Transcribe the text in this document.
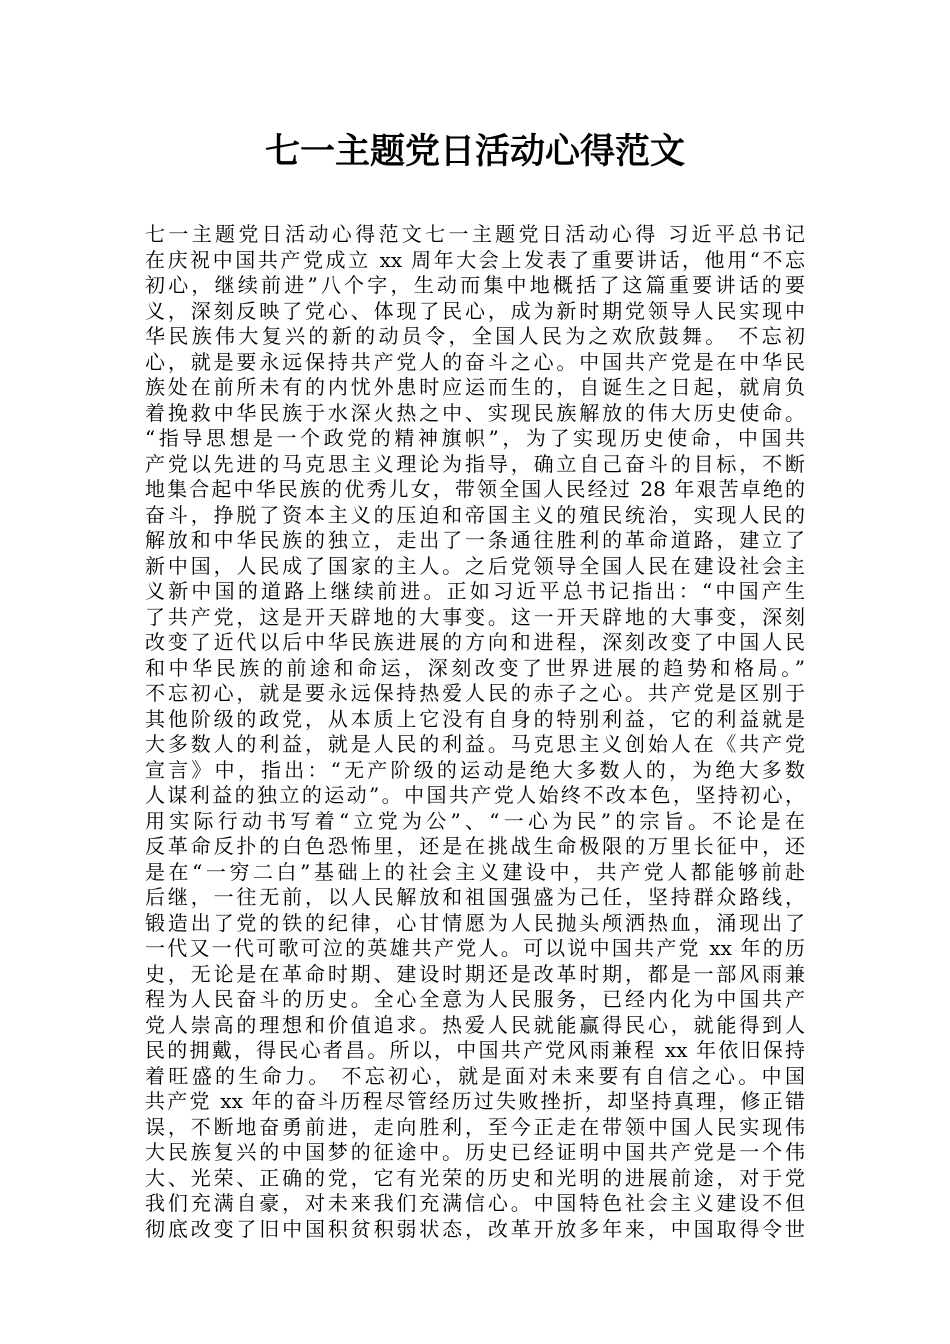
七一主题党日活动心得范文
七一主题党日活动心得范文七一主题党日活动心得 习近平总书记
在庆祝中国共产党成立 xx 周年大会上发表了重要讲话，他用“不忘
初心，继续前进”八个字，生动而集中地概括了这篇重要讲话的要
义，深刻反映了党心、体现了民心，成为新时期党领导人民实现中
华民族伟大复兴的新的动员令，全国人民为之欢欣鼓舞。 不忘初
心，就是要永远保持共产党人的奋斗之心。中国共产党是在中华民
族处在前所未有的内忧外患时应运而生的，自诞生之日起，就肩负
着挽救中华民族于水深火热之中、实现民族解放的伟大历史使命。
“指导思想是一个政党的精神旗帜”，为了实现历史使命，中国共
产党以先进的马克思主义理论为指导，确立自己奋斗的目标，不断
地集合起中华民族的优秀儿女，带领全国人民经过 28 年艰苦卓绝的
奋斗，挣脱了资本主义的压迫和帝国主义的殖民统治，实现人民的
解放和中华民族的独立，走出了一条通往胜利的革命道路，建立了
新中国，人民成了国家的主人。之后党领导全国人民在建设社会主
义新中国的道路上继续前进。正如习近平总书记指出：“中国产生
了共产党，这是开天辟地的大事变。这一开天辟地的大事变，深刻
改变了近代以后中华民族进展的方向和进程，深刻改变了中国人民
和中华民族的前途和命运，深刻改变了世界进展的趋势和格局。”
不忘初心，就是要永远保持热爱人民的赤子之心。共产党是区别于
其他阶级的政党，从本质上它没有自身的特别利益，它的利益就是
大多数人的利益，就是人民的利益。马克思主义创始人在《共产党
宣言》中，指出：“无产阶级的运动是绝大多数人的，为绝大多数
人谋利益的独立的运动”。中国共产党人始终不改本色，坚持初心，
用实际行动书写着“立党为公”、“一心为民”的宗旨。不论是在
反革命反扑的白色恐怖里，还是在挑战生命极限的万里长征中，还
是在“一穷二白”基础上的社会主义建设中，共产党人都能够前赴
后继，一往无前，以人民解放和祖国强盛为己任，坚持群众路线，
锻造出了党的铁的纪律，心甘情愿为人民抛头颅洒热血，涌现出了
一代又一代可歌可泣的英雄共产党人。可以说中国共产党 xx 年的历
史，无论是在革命时期、建设时期还是改革时期，都是一部风雨兼
程为人民奋斗的历史。全心全意为人民服务，已经内化为中国共产
党人崇高的理想和价值追求。热爱人民就能赢得民心，就能得到人
民的拥戴，得民心者昌。所以，中国共产党风雨兼程 xx 年依旧保持
着旺盛的生命力。 不忘初心，就是面对未来要有自信之心。中国
共产党 xx 年的奋斗历程尽管经历过失败挫折，却坚持真理，修正错
误，不断地奋勇前进，走向胜利，至今正走在带领中国人民实现伟
大民族复兴的中国梦的征途中。历史已经证明中国共产党是一个伟
大、光荣、正确的党，它有光荣的历史和光明的进展前途，对于党
我们充满自豪，对未来我们充满信心。中国特色社会主义建设不但
彻底改变了旧中国积贫积弱状态，改革开放多年来，中国取得令世
